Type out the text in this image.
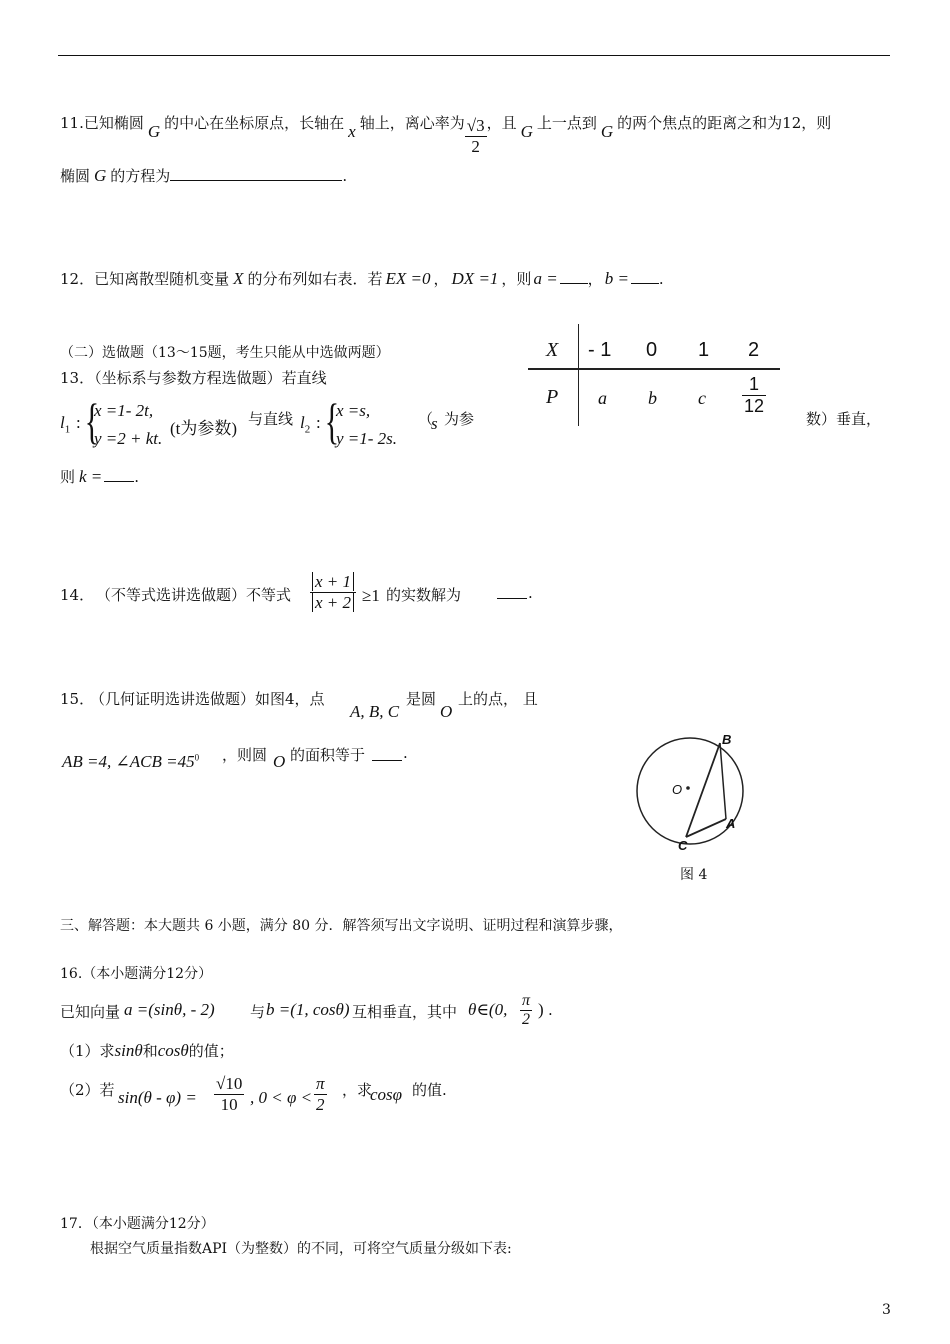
11.已知椭圆 G 的中心在坐标原点，长轴在 x 轴上，离心率为 $\frac{√3}{2}$ ，且 G 上一点到 G 的两个焦点的距离之和为12，则
椭圆 G 的方程为	.
12．已知离散型随机变量 X 的分布列如右表．若 EX =0 ， DX =1 ，则 a = ， b = .
（二）选做题（13～15题，考生只能从中选做两题）
13．（坐标系与参数方程选做题）若直线
$l_1$ : {
x =1- 2t,
y =2 + kt.
(t为参数) 与直线 $l_2$ : {
x =s,
y =1- 2s.
（
s 为参	数）垂直，
则 k = .
X - 1 0 1 2
P a b c $\frac{1}{12}$
14． （不等式选讲选做题）不等式 $\frac{x + 1}{x + 2} \ge 1$ 的实数解为	.
15．
（几何证明选讲选做题）如图4，点
A, B, C
是圆
O
上的点， 且
AB =4, ∠ACB $=45^0$ ，则圆 O 的面积等于	.
B
A
C
O
图 4
三、解答题：本大题共 6 小题，满分 80 分．解答须写出文字说明、证明过程和演算步骤，
16.（本小题满分12分）
已知向量 a =(sinθ, - 2) 与 b =(1, cosθ) 互相垂直，其中 θ∈(0, $\frac{\pi}{2}$ ) .
（1）求sinθ和cosθ的值；
（2）若 $\sin(\theta - \varphi) = \frac{√10}{10}$ , $0 < \varphi < \frac{\pi}{2}$ ，求
cosφ 的值.
17．（本小题满分12分）
根据空气质量指数API（为整数）的不同，可将空气质量分级如下表:
3
